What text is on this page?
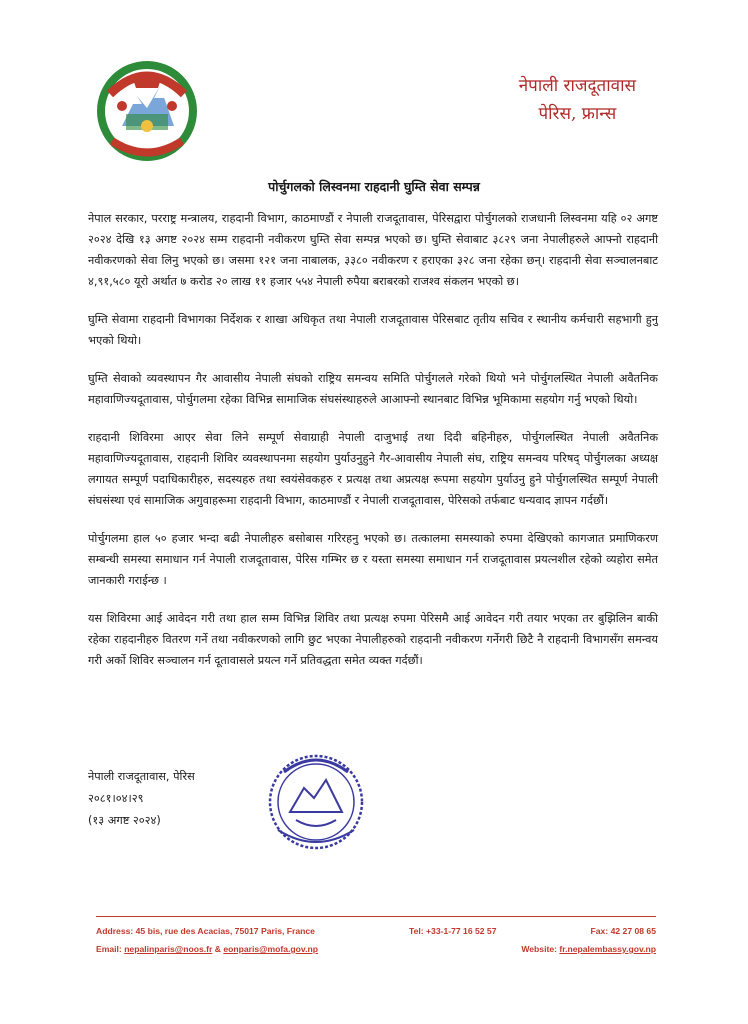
नेपाली राजदूतावास
पेरिस, फ्रान्स
पोर्चुगलको लिस्वनमा राहदानी घुम्ति सेवा सम्पन्न

नेपाल सरकार, परराष्ट्र मन्त्रालय, राहदानी विभाग, काठमाण्डौं र नेपाली राजदूतावास, पेरिसद्वारा पोर्चुगलको राजधानी लिस्वनमा यहि ०२ अगष्ट २०२४ देखि १३ अगष्ट २०२४ सम्म राहदानी नवीकरण घुम्ति सेवा सम्पन्न भएको छ। घुम्ति सेवाबाट ३८२९ जना नेपालीहरुले आफ्नो राहदानी नवीकरणको सेवा लिनु भएको छ। जसमा १२१ जना नाबालक, ३३८० नवीकरण र हराएका ३२८ जना रहेका छन्। राहदानी सेवा सञ्चालनबाट ४,९१,५८० यूरो अर्थात ७ करोड २० लाख ११ हजार ५५४ नेपाली रुपैया बराबरको राजश्व संकलन भएको छ।

घुम्ति सेवामा राहदानी विभागका निर्देशक र शाखा अधिकृत तथा नेपाली राजदूतावास पेरिसबाट तृतीय सचिव र स्थानीय कर्मचारी सहभागी हुनु भएको थियो।

घुम्ति सेवाको व्यवस्थापन गैर आवासीय नेपाली संघको राष्ट्रिय समन्वय समिति पोर्चुगलले गरेको थियो भने पोर्चुगलस्थित नेपाली अवैतनिक महावाणिज्यदूतावास, पोर्चुगलमा रहेका विभिन्न सामाजिक संघसंस्थाहरुले आआफ्नो स्थानबाट विभिन्न भूमिकामा सहयोग गर्नु भएको थियो।

राहदानी शिविरमा आएर सेवा लिने सम्पूर्ण सेवाग्राही नेपाली दाजुभाई तथा दिदी बहिनीहरु, पोर्चुगलस्थित नेपाली अवैतनिक महावाणिज्यदूतावास, राहदानी शिविर व्यवस्थापनमा सहयोग पुर्याउनुहुने गैर-आवासीय नेपाली संघ, राष्ट्रिय समन्वय परिषद् पोर्चुगलका अध्यक्ष लगायत सम्पूर्ण पदाधिकारीहरु, सदस्यहरु तथा स्वयंसेवकहरु र प्रत्यक्ष तथा अप्रत्यक्ष रूपमा सहयोग पुर्याउनु हुने पोर्चुगलस्थित सम्पूर्ण नेपाली संघसंस्था एवं सामाजिक अगुवाहरूमा राहदानी विभाग, काठमाण्डौं र नेपाली राजदूतावास, पेरिसको तर्फबाट धन्यवाद ज्ञापन गर्दछौं।

पोर्चुगलमा हाल ५० हजार भन्दा बढी नेपालीहरु बसोबास गरिरहनु भएको छ। तत्कालमा समस्याको रुपमा देखिएको कागजात प्रमाणिकरण सम्बन्धी समस्या समाधान गर्न नेपाली राजदूतावास, पेरिस गम्भिर छ र यस्ता समस्या समाधान गर्न राजदूतावास प्रयत्नशील रहेको व्यहोरा समेत जानकारी गराईन्छ ।

यस शिविरमा आई आवेदन गरी तथा हाल सम्म विभिन्न शिविर तथा प्रत्यक्ष रुपमा पेरिसमै आई आवेदन गरी तयार भएका तर बुझिलिन बाकी रहेका राहदानीहरु वितरण गर्ने तथा नवीकरणको लागि छुट भएका नेपालीहरुको राहदानी नवीकरण गर्नेगरी छिटै नै राहदानी विभागसँग समन्वय गरी अर्को शिविर सञ्चालन गर्न दूतावासले प्रयत्न गर्ने प्रतिवद्धता समेत व्यक्त गर्दछौं।

नेपाली राजदूतावास, पेरिस
२०८१।०४।२९
(१३ अगष्ट २०२४)
Address: 45 bis, rue des Acacias, 75017 Paris, France	Tel: +33-1-77 16 52 57	Fax: 42 27 08 65
Email: nepalinparis@noos.fr & eonparis@mofa.gov.np	Website: fr.nepalembassy.gov.np
